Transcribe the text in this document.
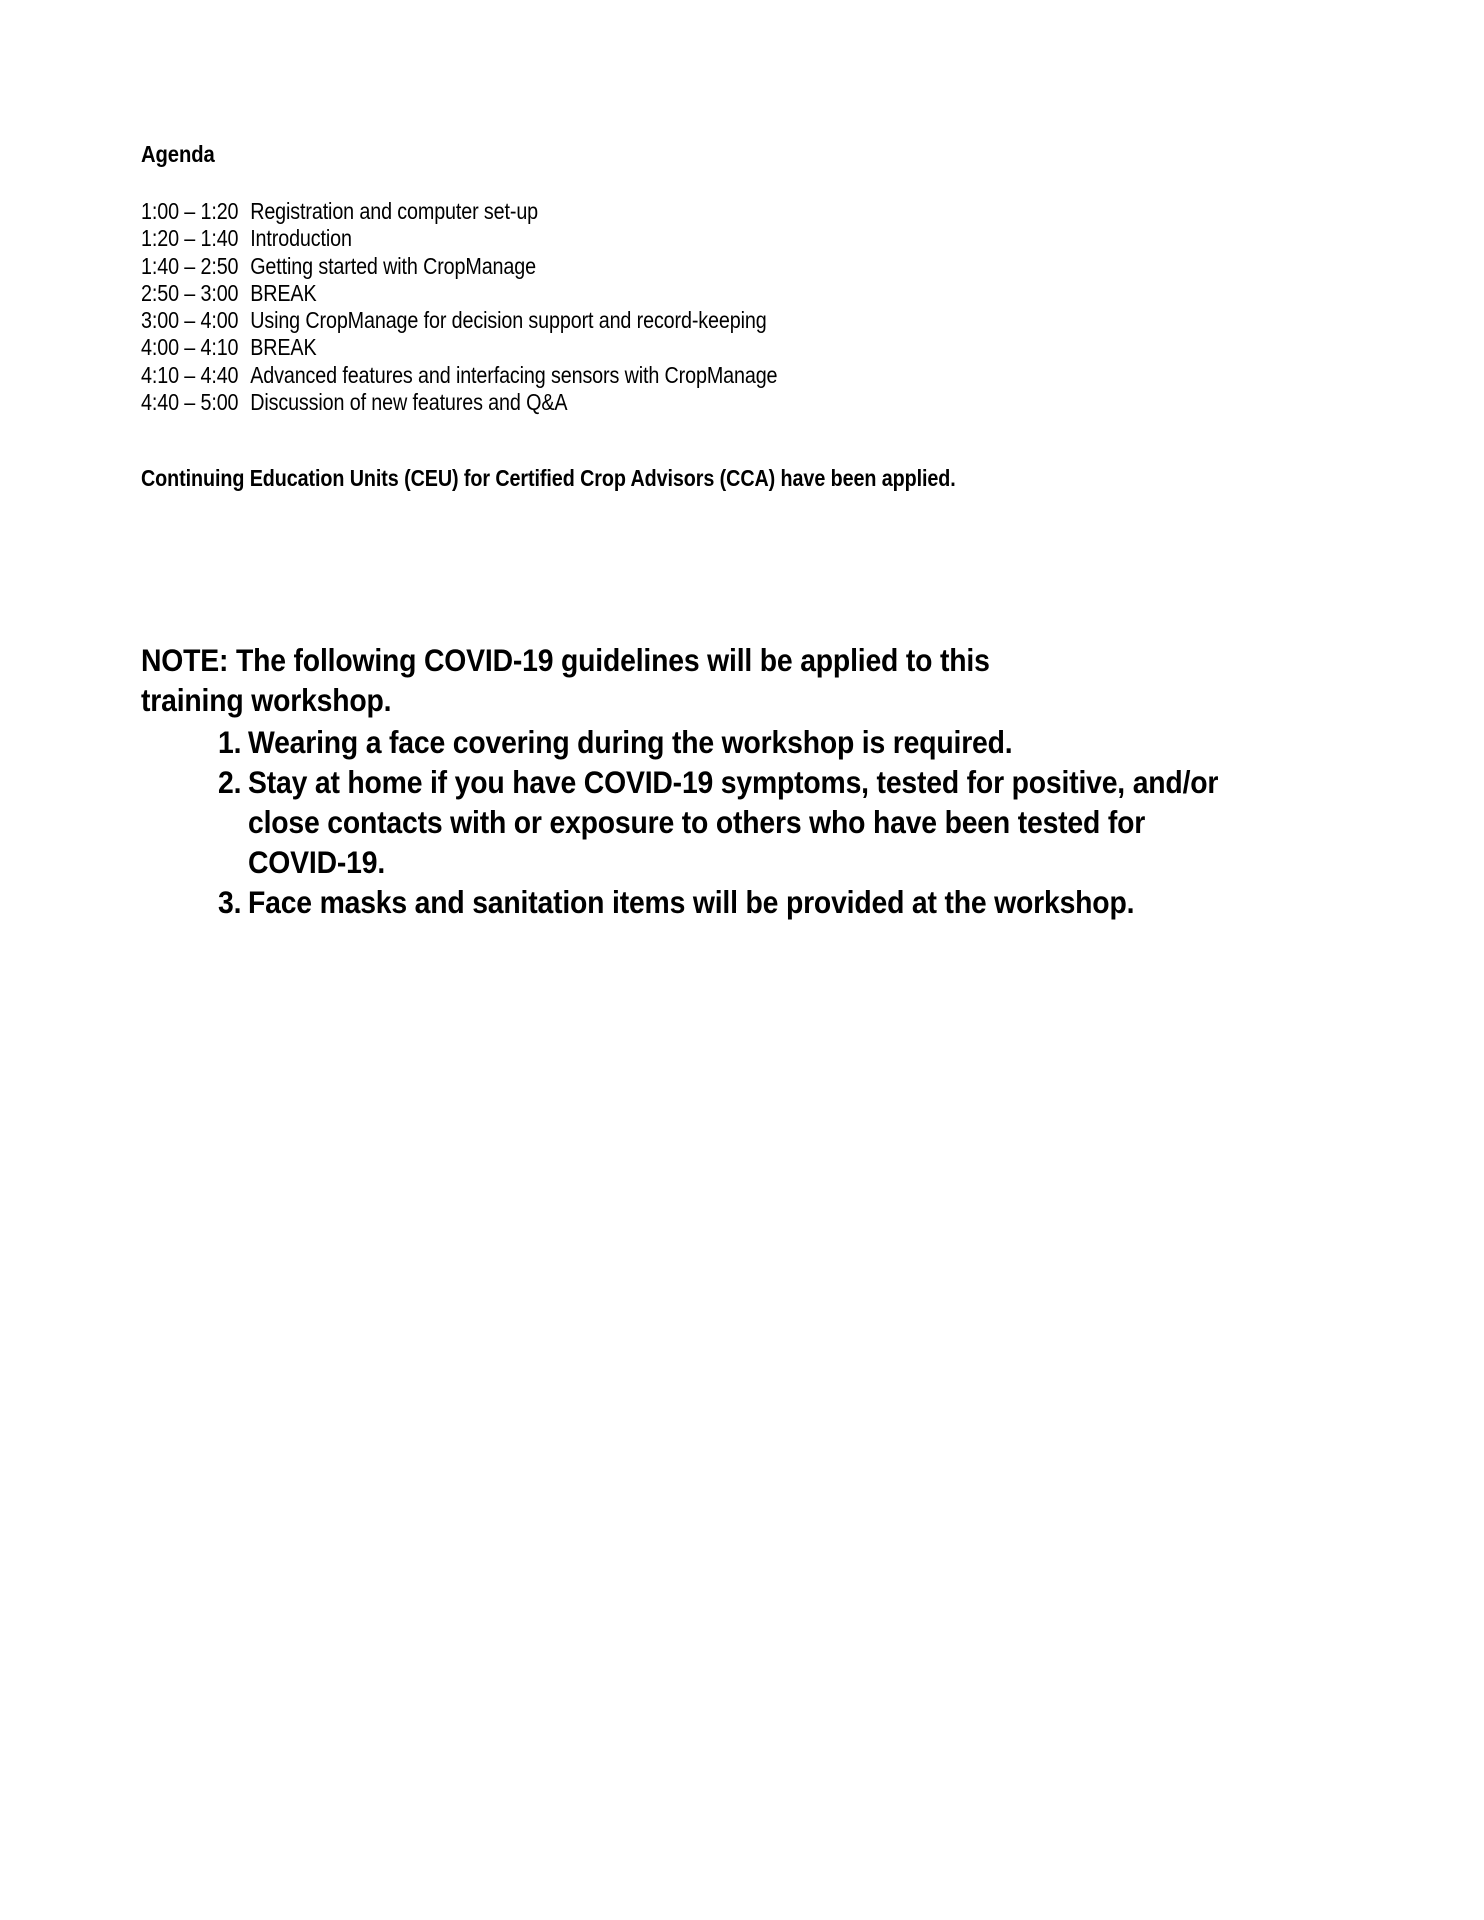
Agenda
1:00 – 1:20 Registration and computer set-up
1:20 – 1:40 Introduction
1:40 – 2:50 Getting started with CropManage
2:50 – 3:00 BREAK
3:00 – 4:00 Using CropManage for decision support and record-keeping
4:00 – 4:10 BREAK
4:10 – 4:40 Advanced features and interfacing sensors with CropManage
4:40 – 5:00 Discussion of new features and Q&A
Continuing Education Units (CEU) for Certified Crop Advisors (CCA) have been applied.

NOTE: The following COVID-19 guidelines will be applied to this training workshop.

1. Wearing a face covering during the workshop is required.
2. Stay at home if you have COVID-19 symptoms, tested for positive, and/or close contacts with or exposure to others who have been tested for COVID-19.
3. Face masks and sanitation items will be provided at the workshop.
